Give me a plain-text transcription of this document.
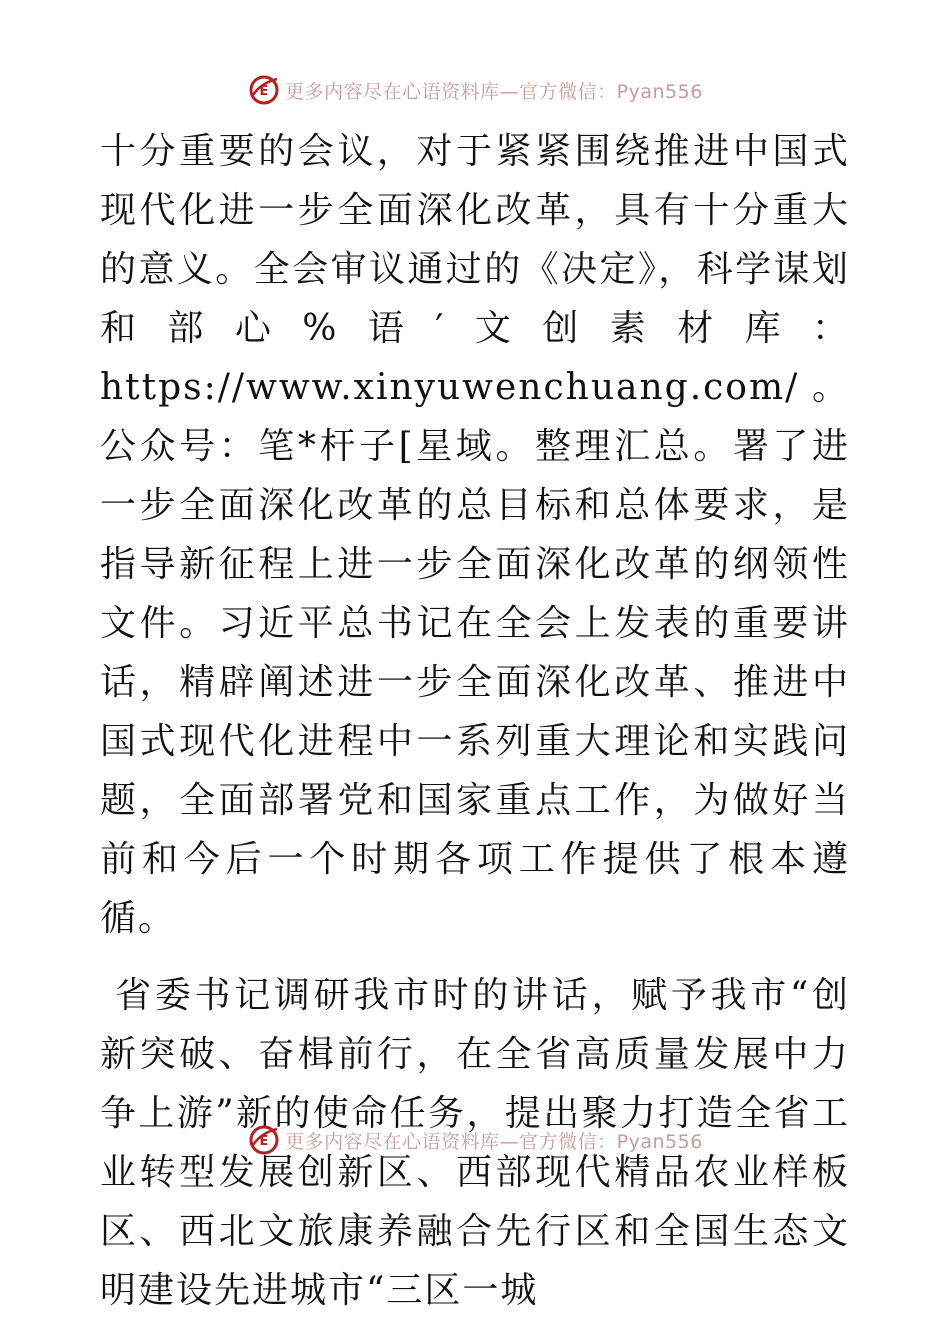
E 更多内容尽在心语资料库—官方微信：Pyan556

十分重要的会议，对于紧紧围绕推进中国式现代化进一步全面深化改革，具有十分重大的意义。全会审议通过的《决定》，科学谋划和部心%语′文创素材库：https://www.xinyuwenchuang.com/。公众号：笔*杆子[星域。整理汇总。署了进一步全面深化改革的总目标和总体要求，是指导新征程上进一步全面深化改革的纲领性文件。习近平总书记在全会上发表的重要讲话，精辟阐述进一步全面深化改革、推进中国式现代化进程中一系列重大理论和实践问题，全面部署党和国家重点工作，为做好当前和今后一个时期各项工作提供了根本遵循。

省委书记调研我市时的讲话，赋予我市“创新突破、奋楫前行，在全省高质量发展中力争上游”新的使命任务，提出聚力打造全省工业转型发展创新区、西部现代精品农业样板区、西北文旅康养融合先行区和全国生态文明建设先进城市“三区一城

E 更多内容尽在心语资料库—官方微信：Pyan556
